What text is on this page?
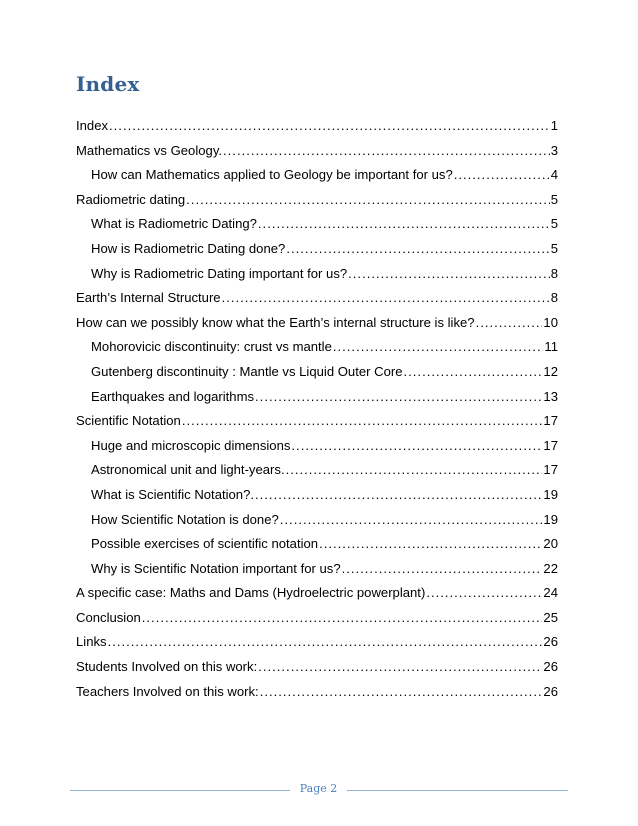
Index
Index .....	1
Mathematics vs Geology. .....	3
How can Mathematics applied to Geology be important for us? .....	4
Radiometric dating .....	5
What is Radiometric Dating? .....	5
How is Radiometric Dating done? .....	5
Why is Radiometric Dating important for us? .....	8
Earth’s Internal Structure .....	8
How can we possibly know what the Earth’s internal structure is like? .....	10
Mohorovicic discontinuity: crust vs mantle .....	11
Gutenberg discontinuity : Mantle vs Liquid Outer Core .....	12
Earthquakes and logarithms .....	13
Scientific Notation .....	17
Huge and microscopic dimensions .....	17
Astronomical unit and light-years. .....	17
What is Scientific Notation?. .....	19
How Scientific Notation is done? .....	19
Possible exercises of scientific notation .....	20
Why is Scientific Notation important for us? .....	22
A specific case: Maths and Dams (Hydroelectric powerplant) .....	24
Conclusion .....	25
Links .....	26
Students Involved on this work: .....	26
Teachers Involved on this work: .....	26
Page 2
